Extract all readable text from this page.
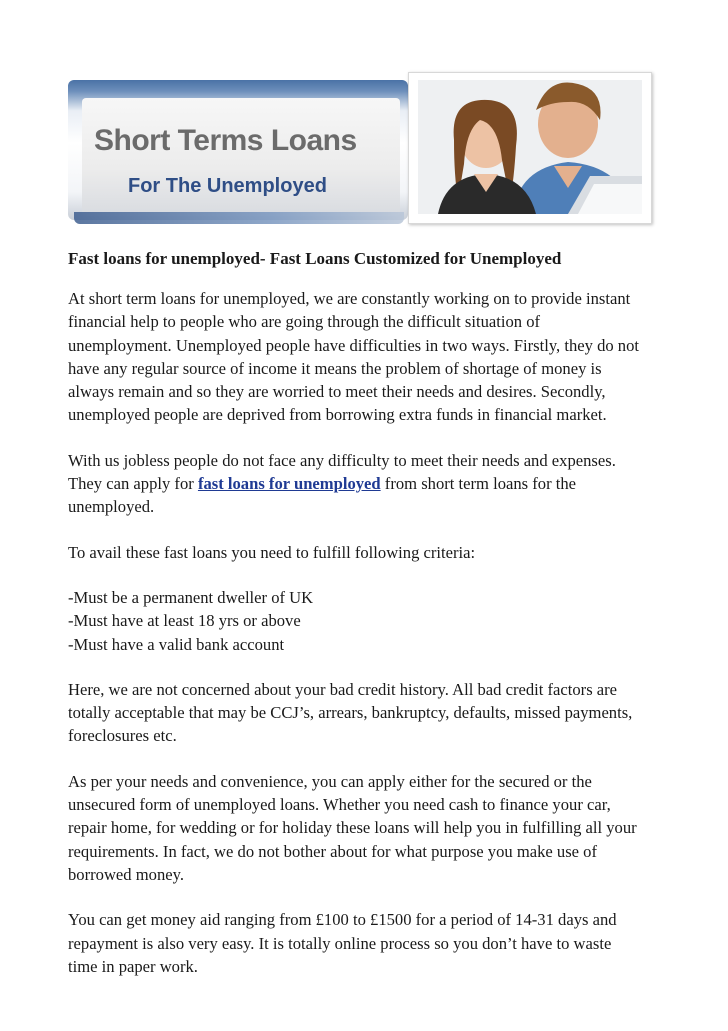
Short Terms Loans
For The Unemployed
Fast loans for unemployed- Fast Loans Customized for Unemployed

At short term loans for unemployed, we are constantly working on to provide instant
financial help to people who are going through the difficult situation of
unemployment. Unemployed people have difficulties in two ways. Firstly, they do not
have any regular source of income it means the problem of shortage of money is
always remain and so they are worried to meet their needs and desires. Secondly,
unemployed people are deprived from borrowing extra funds in financial market.

With us jobless people do not face any difficulty to meet their needs and expenses.
They can apply for fast loans for unemployed from short term loans for the
unemployed.

To avail these fast loans you need to fulfill following criteria:

-Must be a permanent dweller of UK
-Must have at least 18 yrs or above
-Must have a valid bank account

Here, we are not concerned about your bad credit history. All bad credit factors are
totally acceptable that may be CCJ’s, arrears, bankruptcy, defaults, missed payments,
foreclosures etc.

As per your needs and convenience, you can apply either for the secured or the
unsecured form of unemployed loans. Whether you need cash to finance your car,
repair home, for wedding or for holiday these loans will help you in fulfilling all your
requirements. In fact, we do not bother about for what purpose you make use of
borrowed money.

You can get money aid ranging from £100 to £1500 for a period of 14-31 days and
repayment is also very easy. It is totally online process so you don’t have to waste
time in paper work.
